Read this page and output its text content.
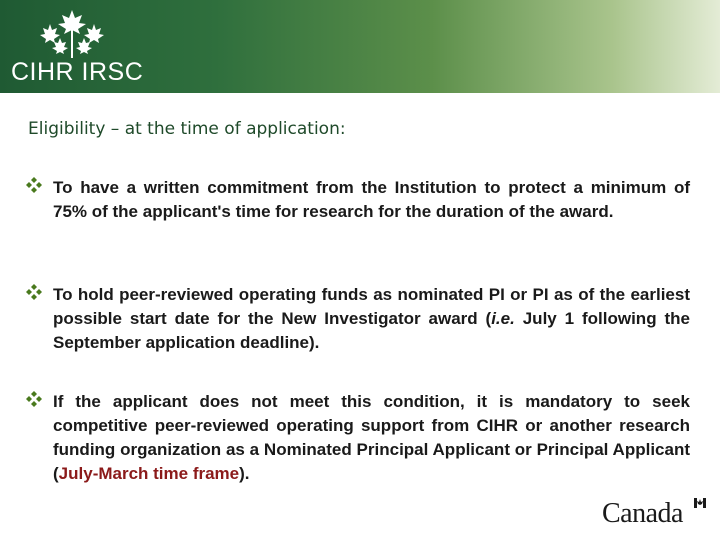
CIHR IRSC
Eligibility – at the time of application:
To have a written commitment from the Institution to protect a minimum of 75% of the applicant's time for research for the duration of the award.
To hold peer-reviewed operating funds as nominated PI or PI as of the earliest possible start date for the New Investigator award (i.e. July 1 following the September application deadline).
If the applicant does not meet this condition, it is mandatory to seek competitive peer-reviewed operating support from CIHR or another research funding organization as a Nominated Principal Applicant or Principal Applicant (July-March time frame).
Canada
